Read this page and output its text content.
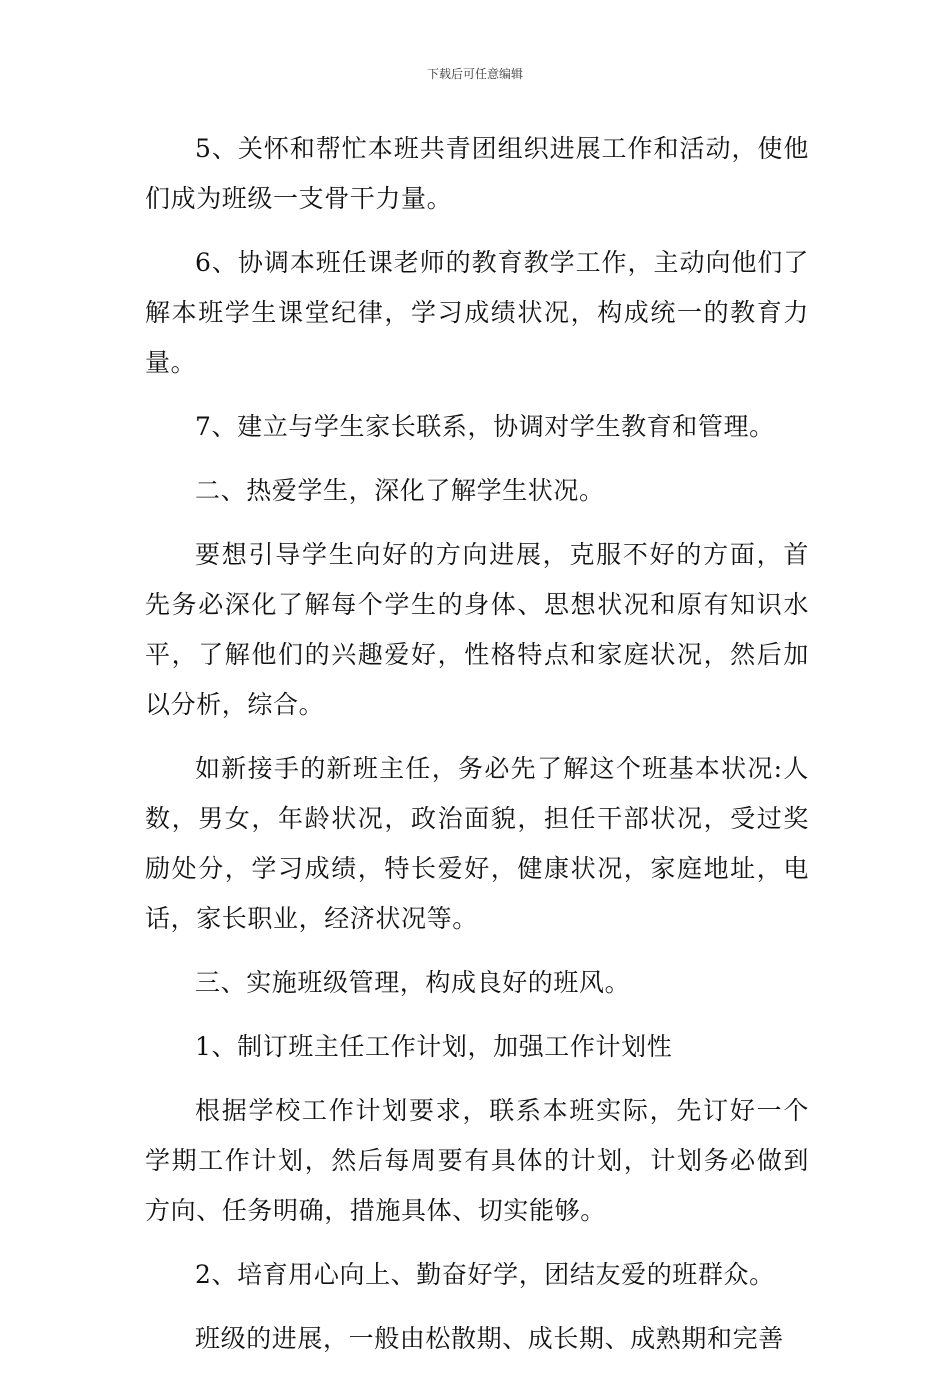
下载后可任意编辑

5、关怀和帮忙本班共青团组织进展工作和活动，使他们成为班级一支骨干力量。

6、协调本班任课老师的教育教学工作，主动向他们了解本班学生课堂纪律，学习成绩状况，构成统一的教育力量。

7、建立与学生家长联系，协调对学生教育和管理。

二、热爱学生，深化了解学生状况。

要想引导学生向好的方向进展，克服不好的方面，首先务必深化了解每个学生的身体、思想状况和原有知识水平，了解他们的兴趣爱好，性格特点和家庭状况，然后加以分析，综合。

如新接手的新班主任，务必先了解这个班基本状况:人数，男女，年龄状况，政治面貌，担任干部状况，受过奖励处分，学习成绩，特长爱好，健康状况，家庭地址，电话，家长职业，经济状况等。

三、实施班级管理，构成良好的班风。

1、制订班主任工作计划，加强工作计划性

根据学校工作计划要求，联系本班实际，先订好一个学期工作计划，然后每周要有具体的计划，计划务必做到方向、任务明确，措施具体、切实能够。

2、培育用心向上、勤奋好学，团结友爱的班群众。

班级的进展，一般由松散期、成长期、成熟期和完善
